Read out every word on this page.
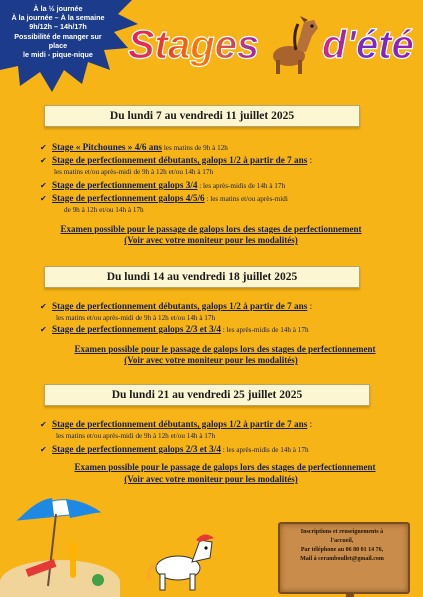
À la ½ journée
À la journée – À la semaine
9h/12h – 14h/17h
Possibilité de manger sur place
le midi - pique-nique Stages d'été
Du lundi 7 au vendredi 11 juillet 2025
✔ Stage « Pitchounes » 4/6 ans les matins de 9h à 12h
✔ Stage de perfectionnement débutants, galops 1/2 à partir de 7 ans :
les matins et/ou après-midi de 9h à 12h et/ou 14h à 17h
✔ Stage de perfectionnement galops 3/4 : les après-midis de 14h à 17h
✔ Stage de perfectionnement galops 4/5/6 : les matins et/ou après-midi
de 9h à 12h et/ou 14h à 17h
Examen possible pour le passage de galops lors des stages de perfectionnement
(Voir avec votre moniteur pour les modalités)
Du lundi 14 au vendredi 18 juillet 2025
✔ Stage de perfectionnement débutants, galops 1/2 à partir de 7 ans :
les matins et/ou après-midi de 9h à 12h et/ou 14h à 17h
✔ Stage de perfectionnement galops 2/3 et 3/4 : les après-midis de 14h à 17h
Examen possible pour le passage de galops lors des stages de perfectionnement
(Voir avec votre moniteur pour les modalités)
Du lundi 21 au vendredi 25 juillet 2025
✔ Stage de perfectionnement débutants, galops 1/2 à partir de 7 ans :
les matins et/ou après-midi de 9h à 12h et/ou 14h à 17h
✔ Stage de perfectionnement galops 2/3 et 3/4 : les après-midis de 14h à 17h
Examen possible pour le passage de galops lors des stages de perfectionnement
(Voir avec votre moniteur pour les modalités)
Inscriptions et renseignements à
l'accueil,
Par téléphone au 06 80 01 14 76,
Mail à ceramboullet@gmail.com
